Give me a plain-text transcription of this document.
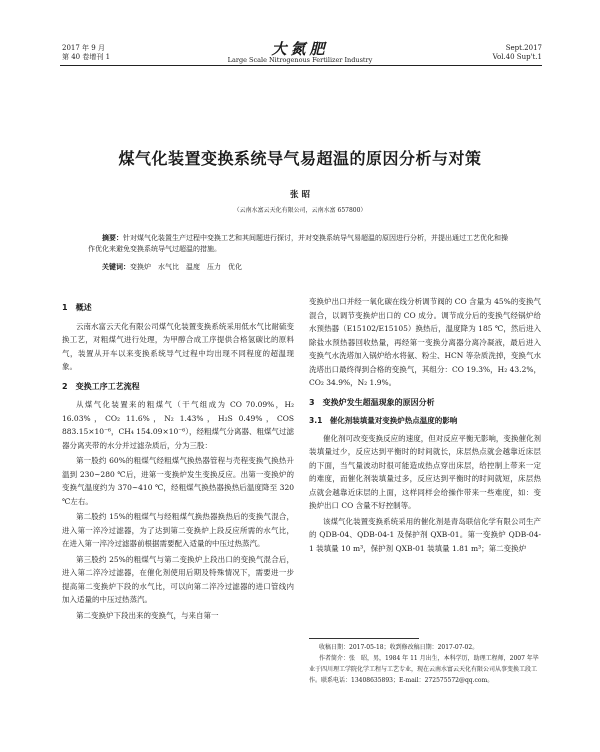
2017 年 9 月
第 40 卷增刊 1	大氮肥
Large Scale Nitrogenous Fertilizer Industry
Sept.2017
Vol.40 Sup't.1
煤气化装置变换系统导气易超温的原因分析与对策
张 昭
（云南水富云天化有限公司，云南水富 657800）
摘要：针对煤气化装置生产过程中变换工艺和其间题进行探讨，并对变换系统导气易超温的原因进行分析，并提出通过工艺优化和操作优化来避免变换系统导气过超温的措施。
关键词：变换炉　水气比　温度　压力　优化
1　概述

云南水富云天化有限公司煤气化装置变换系统采用低水气比耐硫变换工艺，对粗煤气进行处理，为甲醇合成工序提供合格氢碳比的原料气，装置从开车以来变换系统导气过程中均出现不同程度的超温现象。

2　变换工序工艺流程

从煤气化装置来的粗煤气（干气组成为 CO 70.09%，H₂ 16.03%，CO₂ 11.6%，N₂ 1.43%，H₂S 0.49%，COS 883.15×10⁻⁶，CH₄ 154.09×10⁻⁶），经粗煤气分离器、粗煤气过滤器分离夹带的水分并过滤杂质后，分为三股：

第一股约 60%的粗煤气经粗煤气换热器管程与壳程变换气换热升温到 230~280 ℃后，进第一变换炉发生变换反应。出第一变换炉的变换气温度约为 370~410 ℃，经粗煤气换热器换热后温度降至 320 ℃左右。

第二股约 15%的粗煤气与经粗煤气换热器换热后的变换气混合，进入第一淬冷过滤器，为了达到第二变换炉上段反应所需的水气比，在进入第一淬冷过滤器前根据需要配入适量的中压过热蒸汽。

第三股约 25%的粗煤气与第二变换炉上段出口的变换气混合后，进入第二淬冷过滤器，在催化剂使用后期及特殊情况下，需要进一步提高第二变换炉下段的水气比，可以向第二淬冷过滤器的进口管线内加入适量的中压过热蒸汽。

第二变换炉下段出来的变换气，与来自第一

变换炉出口并经一氧化碳在线分析调节阀的 CO 含量为 45%的变换气混合，以调节变换炉出口的 CO 成分。调节成分后的变换气经锅炉给水预热器（E15102/E15105）换热后，温度降为 185 ℃，然后进入除盐水预热器回收热量，再经第一变换分离器分离冷凝液，最后进入变换气水洗塔加入锅炉给水将氨、粉尘、HCN 等杂质洗掉，变换气水洗塔出口最终得到合格的变换气，其组分：CO 19.3%，H₂ 43.2%，CO₂ 34.9%，N₂ 1.9%。

3　变换炉发生超温现象的原因分析
3.1　催化剂装填量对变换炉热点温度的影响

催化剂可改变变换反应的速度，但对反应平衡无影响，变换催化剂装填量过少，反应达到平衡时的时间就长，床层热点就会越靠近床层的下面，当气量波动时很可能造成热点穿出床层，给控制上带来一定的难度，而催化剂装填量过多，反应达到平衡时的时间就短，床层热点就会越靠近床层的上面，这样同样会给操作带来一些难度，如：变换炉出口 CO 含量不好控制等。

该煤气化装置变换系统采用的催化剂是青岛联信化学有限公司生产的 QDB-04、QDB-04-1 及保护剂 QXB-01。第一变换炉 QDB-04-1 装填量 10 m³，保护剂 QXB-01 装填量 1.81 m³；第二变换炉

收稿日期：2017-05-18；收到修改稿日期：2017-07-02。

作者简介：张　昭，男，1984 年 11 月出生，本科学历，助理工程师，2007 年毕业于四川理工学院化学工程与工艺专业，现在云南水富云天化有限公司从事变换工段工作。联系电话：13408635893；E-mail：272575572@qq.com。
